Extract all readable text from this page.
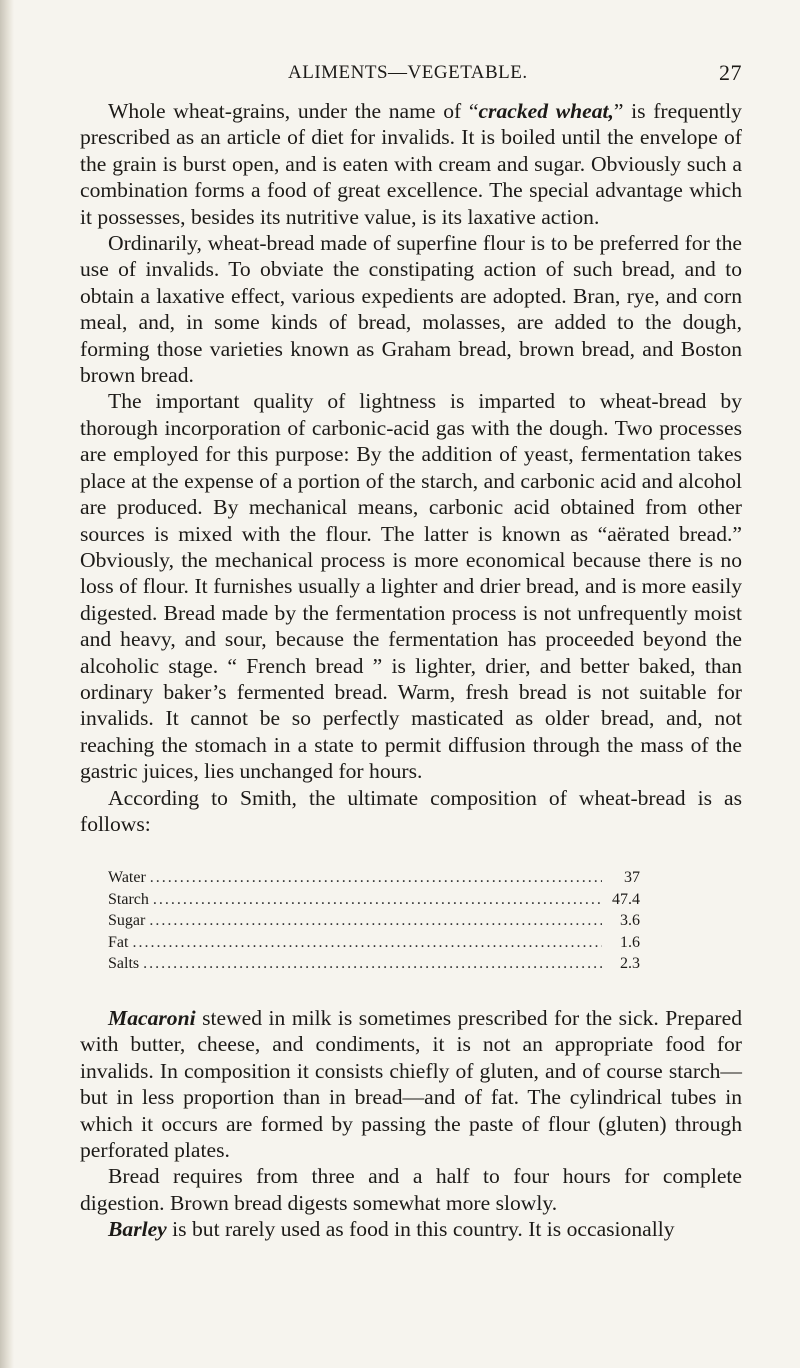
ALIMENTS—VEGETABLE.	27

Whole wheat-grains, under the name of “cracked wheat,” is frequently prescribed as an article of diet for invalids. It is boiled until the envelope of the grain is burst open, and is eaten with cream and sugar. Obviously such a combination forms a food of great excellence. The special advantage which it possesses, besides its nutritive value, is its laxative action.

Ordinarily, wheat-bread made of superfine flour is to be preferred for the use of invalids. To obviate the constipating action of such bread, and to obtain a laxative effect, various expedients are adopted. Bran, rye, and corn meal, and, in some kinds of bread, molasses, are added to the dough, forming those varieties known as Graham bread, brown bread, and Boston brown bread.

The important quality of lightness is imparted to wheat-bread by thorough incorporation of carbonic-acid gas with the dough. Two processes are employed for this purpose: By the addition of yeast, fermentation takes place at the expense of a portion of the starch, and carbonic acid and alcohol are produced. By mechanical means, carbonic acid obtained from other sources is mixed with the flour. The latter is known as “aërated bread.” Obviously, the mechanical process is more economical because there is no loss of flour. It furnishes usually a lighter and drier bread, and is more easily digested. Bread made by the fermentation process is not unfrequently moist and heavy, and sour, because the fermentation has proceeded beyond the alcoholic stage. “ French bread ” is lighter, drier, and better baked, than ordinary baker’s fermented bread. Warm, fresh bread is not suitable for invalids. It cannot be so perfectly masticated as older bread, and, not reaching the stomach in a state to permit diffusion through the mass of the gastric juices, lies unchanged for hours.

According to Smith, the ultimate composition of wheat-bread is as follows:

Water . . .	37
Starch . . .	47.4
Sugar . . .	3.6
Fat . . .	1.6
Salts . . .	2.3

Macaroni stewed in milk is sometimes prescribed for the sick. Prepared with butter, cheese, and condiments, it is not an appropriate food for invalids. In composition it consists chiefly of gluten, and of course starch—but in less proportion than in bread—and of fat. The cylindrical tubes in which it occurs are formed by passing the paste of flour (gluten) through perforated plates.

Bread requires from three and a half to four hours for complete digestion. Brown bread digests somewhat more slowly.

Barley is but rarely used as food in this country. It is occasionally
